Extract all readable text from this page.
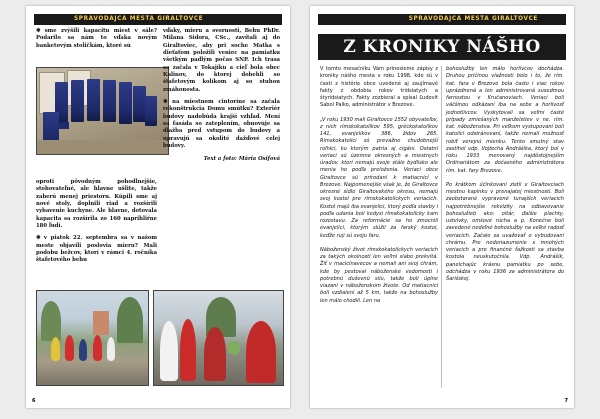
SPRAVODAJCA MESTA GIRALTOVCE

❅ sme zvýšili kapacitu miest v sále? Podarilo sa nám to vďaka novým banketovým stoličkám, ktoré sú

oproti pôvodným pohodlnejšie, stohovateľné, ale hlavne ušlite, takže zaberú menej priestoru. Kúpili sme aj nové stoly, doplnili riad a rozšírili vybavenie kuchyne. Ale hlavne, dotovala kapacita sa rozšírila zo 160 naprihliŕne 180 ľudí.

❅ v piatok 22. septembra sa v našom meste objavili poslovia mieru? Mali podobu bežcov, ktorí v rámci 4. ročníka štafetového behu

vďaky, mieru a svornosti, Behu PhDr. Milana Sidora, CSc., zavítali aj do Giraltoviec, aby pri soche Matka s dieťaťom položili veniec na pamiatku všetkým padlým počas SNP. Ich trasa sa začala v Tokajíku a cieľ bola obec Kalinov, do ktorej dobehli so štafetovým kolíkom aj so stuhou zmáhonosta.

❅ na miestnom cintoríne sa začala rekonštrukcia Domu smútku? Exteriér budovy nadobúda krajší vzhľad. Mení sa fasáda so zateplením, obnovuje sa dlažba pred vstupom do budovy a upravujú sa okolité dažďové celej budovy.

Text a foto: Mária Osifová

6
SPRAVODAJCA MESTA GIRALTOVCE
Z KRONIKY NÁŠHO MESTA

V tomto mesačníku Vám prinesieme zápisy z kroniky nášho mesta v roku 1998, kde sú v časti z histórie obce uvedené aj zaujímavé fakty z obdobia rokov tridsiatych a štyridsiatych. Fakty zozbieral a spísal Ľudovít Sabol Palko, administrátor v Brezove.

„V roku 1930 mali Giraltovce 1552 obyvateľov, z nich rímskokatolíkov 595, gréckokatolíkov 141, evanjelikov 386, židov 265. Rímskokatolíci sú prevažne chudobnejší roľníci, ku ktorým patria aj cigáni. Ostatní veriaci sú územne okresných a miestnych úradov, ktorí nemajú svoje stále bydlisko ale menia ho podľa preloženia. Veriaci obce Giraltovce sú prírodaní k matiacnicí v Brezove. Najpomenejšie však je, že Giraltovce okresné sídlo Giraltovského okresu, nemajú svoj kostol pre rímskokatolíckych veriacich. Kostol majú iba evanjelici, ktorý podľa stavby i podľa udania boli kedysi rímskokatolícky kam rozostavu. Za reformácie sa ho zmocnili evanjelici, ktorým slúžil za farský kostol, keďže ruji sú svoju faru.

Náboženský život rímskokatolíckych veriacich za takých okolností len veľmi slabo prekvitá. Žiť v macicínavecov a nemali ani svoj chrám, kde by pestoval náboženské vedomosti i potrebnú duševnú silu, takže boli úplne viazaní v náboženskom živote. Od matiacnici boli vzdialení až 5 km, takže na bohoslužby len málo chodili. Len na

bohoslužby len málo horlivcov dochádza. Druhou príčinou vlažnosti bolo i to, že rím. kat. fara v Brezove bola často i viac rokov uprázdnená a len administrovaná susedmou farnostou v Kručanoviach. Veriaci boli väčšinou odkázaní iba na sebe a horlivosť jednotlivcov. Vyskytovali sa veľmi časté prípady zmiešaných manželstiev v ne. rím. kat. náboženstva. Pri veľkom vystupovaní boli katolíci odstránovaní, takže nemali možnosť robiť verejnú mienku. Tento smutný stav zastihol vdp. Vojtecha Andrášika, ktorý bol v roku 1933 menovaný najdôstojnejším Ordinariátom za dočasného administrátora rím. kat. fary Brezove.

Po krátkom účinkovaní zistil v Giraltovciach mestnu kaplnku v prenajatej miestnosti. Boli zaobstarané vypravené tunajších veriacich najpotrebnejšie rekvizity na odbavovanie bohoslužieb ako: oltár, ďalšie plachty, ustvlvky, omšové rúcha a p. Konečne boli zavedené nedeľné bohoslužby na veľké radosť veriacich. Začalo sa uvažovať o vybudovaní chrámu. Pre nedoriazumenie s mnohých veriacich a pre finančné ťažkosti sa stavba kostola neuskutočnila. Vdp. Andrášik, panelchajúc krásnu pamiatku po sebe, odchádza v roku 1936 za administrátora do Šarišskej.

7
